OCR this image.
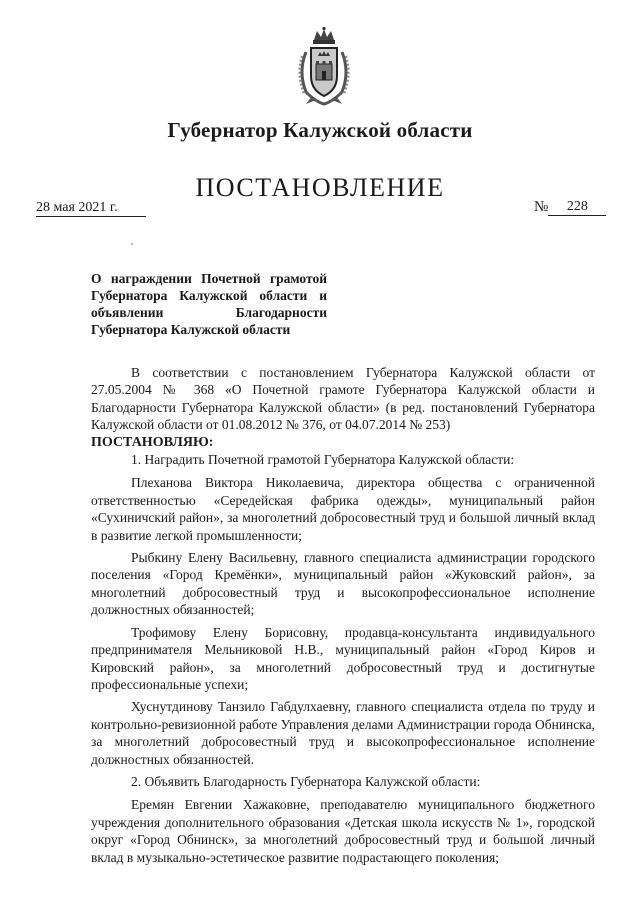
Губернатор Калужской области
ПОСТАНОВЛЕНИЕ
28 мая 2021 г.	№ 228
О награждении Почетной грамотой Губернатора Калужской области и объявлении Благодарности Губернатора Калужской области

В соответствии с постановлением Губернатора Калужской области от 27.05.2004 № 368 «О Почетной грамоте Губернатора Калужской области и Благодарности Губернатора Калужской области» (в ред. постановлений Губернатора Калужской области от 01.08.2012 № 376, от 04.07.2014 № 253)

ПОСТАНОВЛЯЮ:

1. Наградить Почетной грамотой Губернатора Калужской области:

Плеханова Виктора Николаевича, директора общества с ограниченной ответственностью «Середейская фабрика одежды», муниципальный район «Сухиничский район», за многолетний добросовестный труд и большой личный вклад в развитие легкой промышленности;

Рыбкину Елену Васильевну, главного специалиста администрации городского поселения «Город Кремёнки», муниципальный район «Жуковский район», за многолетний добросовестный труд и высокопрофессиональное исполнение должностных обязанностей;

Трофимову Елену Борисовну, продавца-консультанта индивидуального предпринимателя Мельниковой Н.В., муниципальный район «Город Киров и Кировский район», за многолетний добросовестный труд и достигнутые профессиональные успехи;

Хуснутдинову Танзило Габдулхаевну, главного специалиста отдела по труду и контрольно-ревизионной работе Управления делами Администрации города Обнинска, за многолетний добросовестный труд и высокопрофессиональное исполнение должностных обязанностей.

2. Объявить Благодарность Губернатора Калужской области:

Еремян Евгении Хажаковне, преподавателю муниципального бюджетного учреждения дополнительного образования «Детская школа искусств № 1», городской округ «Город Обнинск», за многолетний добросовестный труд и большой личный вклад в музыкально-эстетическое развитие подрастающего поколения;
